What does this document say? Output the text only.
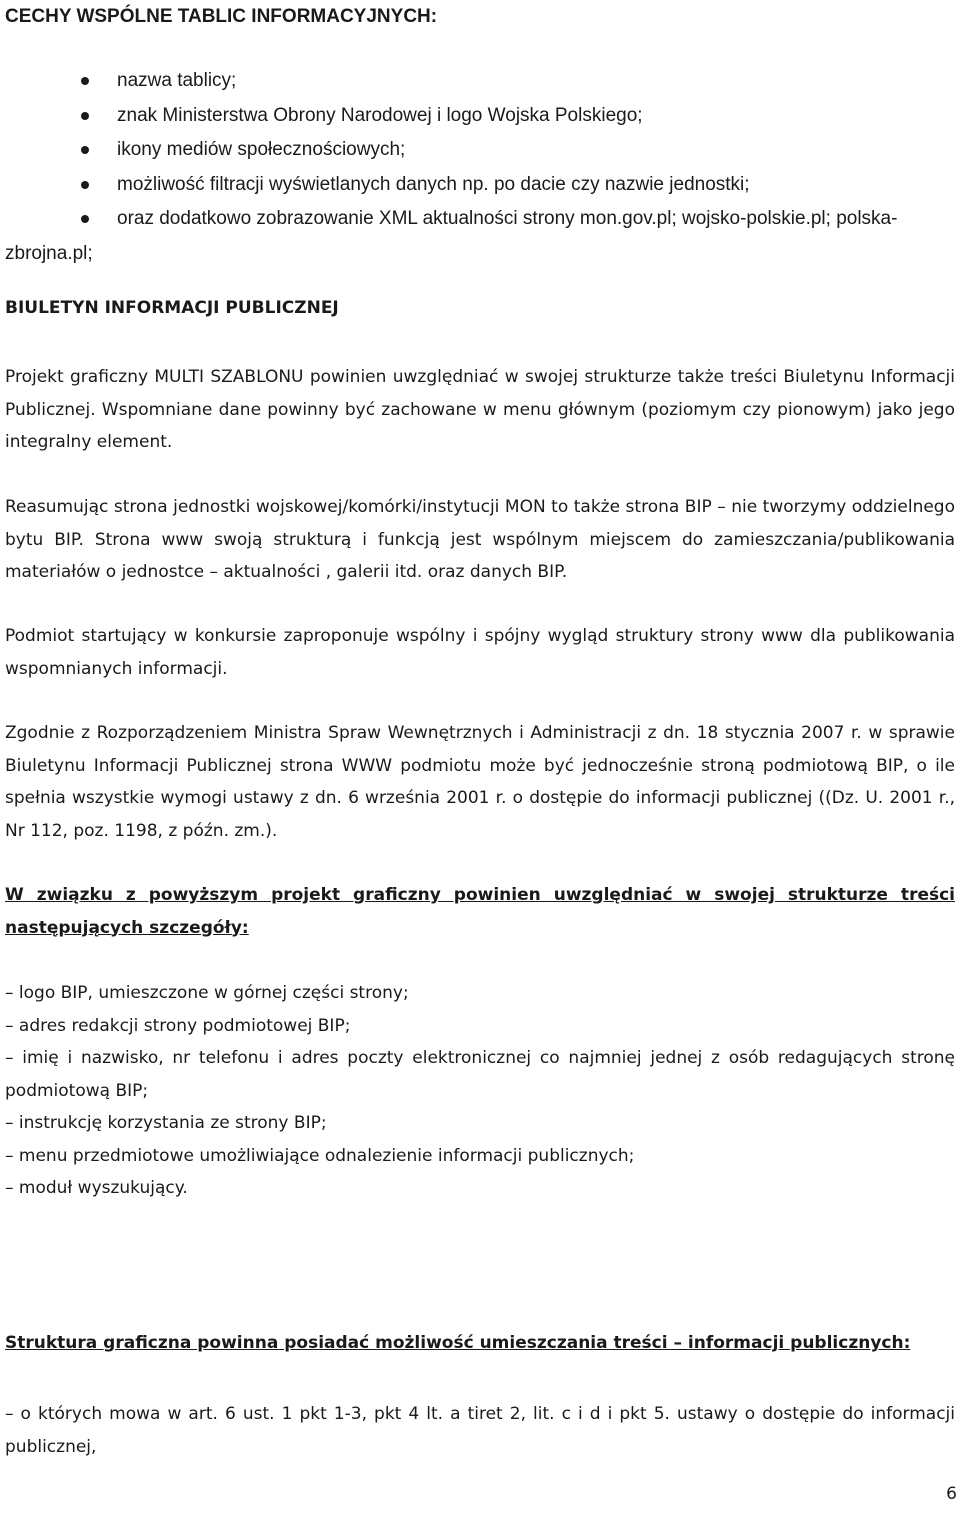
CECHY WSPÓLNE TABLIC INFORMACYJNYCH:
nazwa tablicy;
znak Ministerstwa Obrony Narodowej i logo Wojska Polskiego;
ikony mediów społecznościowych;
możliwość filtracji wyświetlanych danych np. po dacie czy nazwie jednostki;
oraz dodatkowo zobrazowanie XML aktualności strony mon.gov.pl; wojsko-polskie.pl; polska-zbrojna.pl;
BIULETYN INFORMACJI PUBLICZNEJ
Projekt graficzny MULTI SZABLONU powinien uwzględniać w swojej strukturze także treści Biuletynu Informacji Publicznej. Wspomniane dane powinny być zachowane w menu głównym (poziomym czy pionowym) jako jego integralny element.
Reasumując strona jednostki wojskowej/komórki/instytucji MON to także strona BIP – nie tworzymy oddzielnego bytu BIP. Strona www swoją strukturą i funkcją jest wspólnym miejscem do zamieszczania/publikowania materiałów o jednostce – aktualności , galerii itd. oraz danych BIP.
Podmiot startujący w konkursie zaproponuje wspólny i spójny wygląd struktury strony www dla publikowania wspomnianych informacji.
Zgodnie z Rozporządzeniem Ministra Spraw Wewnętrznych i Administracji z dn. 18 stycznia 2007 r. w sprawie Biuletynu Informacji Publicznej strona WWW podmiotu może być jednocześnie stroną podmiotową BIP, o ile spełnia wszystkie wymogi ustawy z dn. 6 września 2001 r. o dostępie do informacji publicznej ((Dz. U. 2001 r., Nr 112, poz. 1198, z późn. zm.).
W związku z powyższym projekt graficzny powinien uwzględniać w swojej strukturze treści następujących szczegóły:
– logo BIP, umieszczone w górnej części strony;
– adres redakcji strony podmiotowej BIP;
– imię i nazwisko, nr telefonu i adres poczty elektronicznej co najmniej jednej z osób redagujących stronę podmiotową BIP;
– instrukcję korzystania ze strony BIP;
– menu przedmiotowe umożliwiające odnalezienie informacji publicznych;
– moduł wyszukujący.
Struktura graficzna powinna posiadać możliwość umieszczania treści – informacji publicznych:
– o których mowa w art. 6 ust. 1 pkt 1-3, pkt 4 lt. a tiret 2, lit. c i d i pkt 5. ustawy o dostępie do informacji publicznej,
6
